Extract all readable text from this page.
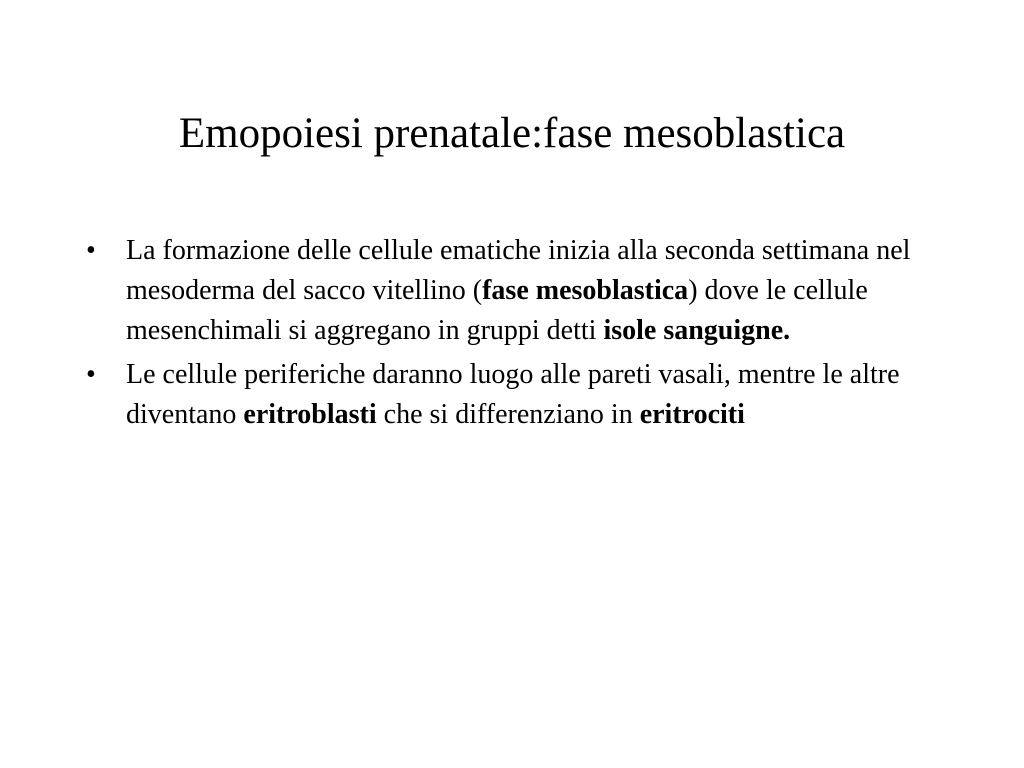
Emopoiesi prenatale:fase mesoblastica
•	La formazione delle cellule ematiche inizia alla seconda settimana nel mesoderma del sacco vitellino (fase mesoblastica) dove le cellule mesenchimali si aggregano in gruppi detti isole sanguigne.
•	Le cellule periferiche daranno luogo alle pareti vasali, mentre le altre diventano eritroblasti che si differenziano in eritrociti
